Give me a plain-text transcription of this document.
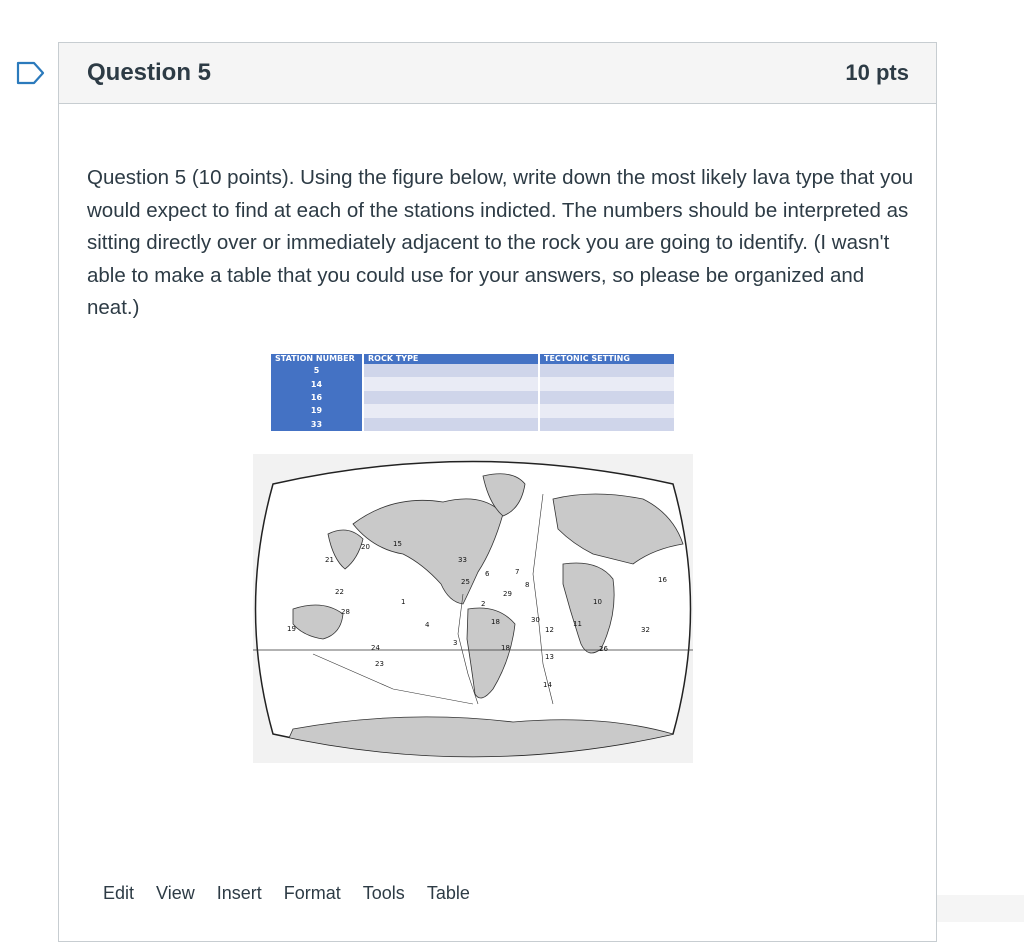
Question 5	10 pts

Question 5 (10 points). Using the figure below, write down the most likely lava type that you would expect to find at each of the stations indicted. The numbers should be interpreted as sitting directly over or immediately adjacent to the rock you are going to identify. (I wasn't able to make a table that you could use for your answers, so please be organized and neat.)

STATION NUMBER	ROCK TYPE	TECTONIC SETTING
5		
14		
16		
19		
33		
20	15
21	33
25
6	7
8
22	29
10
16
1	2
28
19	4	18	30
12
11
32
24
3
18	26
23
13
14
Edit View Insert Format Tools Table
